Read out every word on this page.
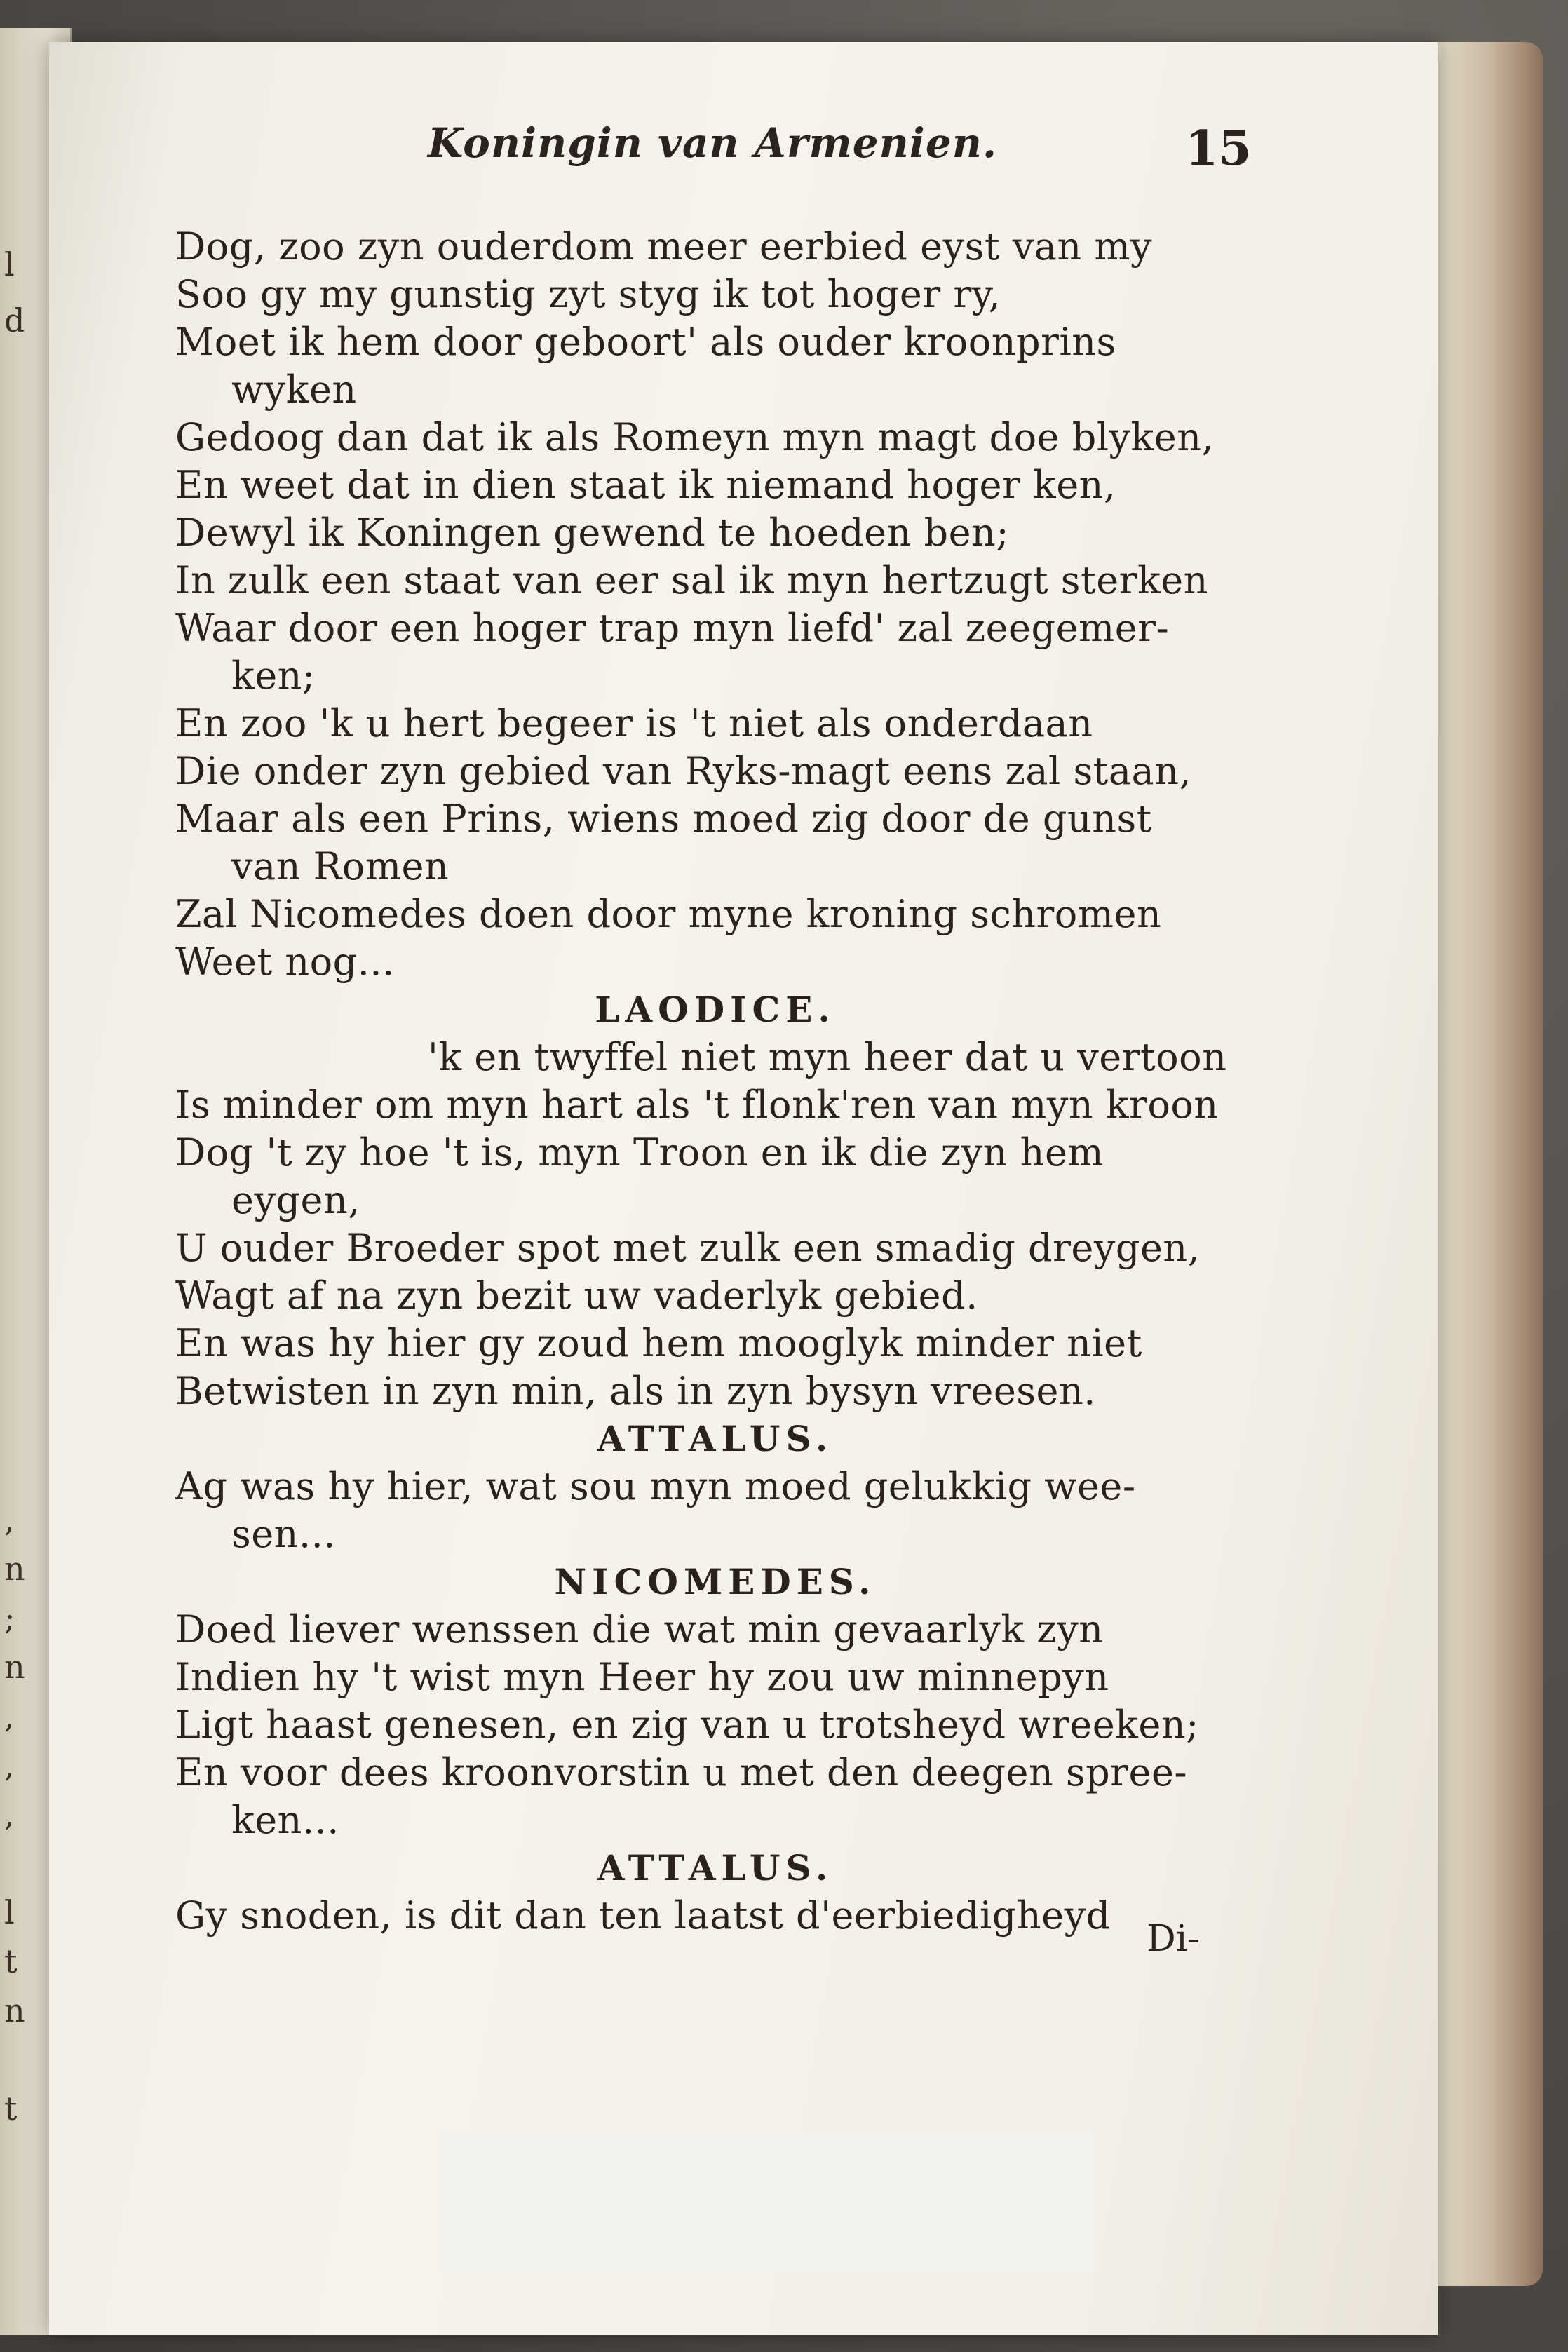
l
d
,
n
;
n
,
,
,
l
t
n
t
Koningin van Armenien.	15
Dog, zoo zyn ouderdom meer eerbied eyst van my
Soo gy my gunstig zyt styg ik tot hoger ry,
Moet ik hem door geboort' als ouder kroonprins
wyken
Gedoog dan dat ik als Romeyn myn magt doe blyken,
En weet dat in dien staat ik niemand hoger ken,
Dewyl ik Koningen gewend te hoeden ben;
In zulk een staat van eer sal ik myn hertzugt sterken
Waar door een hoger trap myn liefd' zal zeegemer-
ken;
En zoo 'k u hert begeer is 't niet als onderdaan
Die onder zyn gebied van Ryks-magt eens zal staan,
Maar als een Prins, wiens moed zig door de gunst
van Romen
Zal Nicomedes doen door myne kroning schromen
Weet nog...
LAODICE.
'k en twyffel niet myn heer dat u vertoon
Is minder om myn hart als 't flonk'ren van myn kroon
Dog 't zy hoe 't is, myn Troon en ik die zyn hem
eygen,
U ouder Broeder spot met zulk een smadig dreygen,
Wagt af na zyn bezit uw vaderlyk gebied.
En was hy hier gy zoud hem mooglyk minder niet
Betwisten in zyn min, als in zyn bysyn vreesen.
ATTALUS.
Ag was hy hier, wat sou myn moed gelukkig wee-
sen...
NICOMEDES.
Doed liever wenssen die wat min gevaarlyk zyn
Indien hy 't wist myn Heer hy zou uw minnepyn
Ligt haast genesen, en zig van u trotsheyd wreeken;
En voor dees kroonvorstin u met den deegen spree-
ken...
ATTALUS.
Gy snoden, is dit dan ten laatst d'eerbiedigheyd
Di-
